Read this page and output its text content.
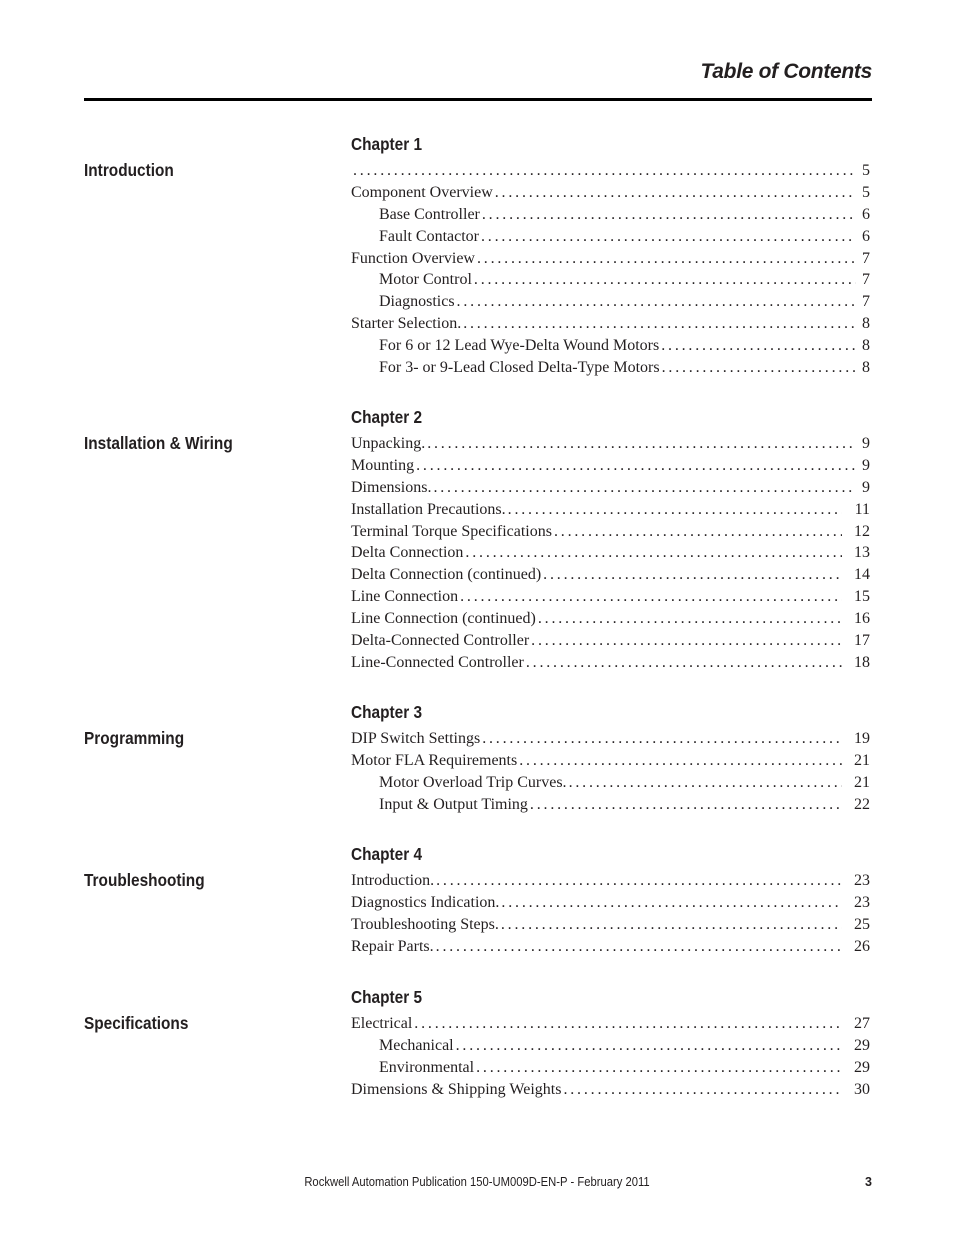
Table of Contents
Chapter 1
Introduction . . .	5
Component Overview . . .	5
Base Controller . . .	6
Fault Contactor . . .	6
Function Overview . . .	7
Motor Control . . .	7
Diagnostics . . .	7
Starter Selection. . . .	8
For 6 or 12 Lead Wye-Delta Wound Motors . . .	8
For 3- or 9-Lead Closed Delta-Type Motors . . .	8
Chapter 2
Installation & Wiring	Unpacking. . . .	9
Mounting . . .	9
Dimensions. . . .	9
Installation Precautions. . . .	11
Terminal Torque Specifications . . .	12
Delta Connection . . .	13
Delta Connection (continued) . . .	14
Line Connection . . .	15
Line Connection (continued) . . .	16
Delta-Connected Controller . . .	17
Line-Connected Controller . . .	18
Chapter 3
Programming	DIP Switch Settings . . .	19
Motor FLA Requirements . . .	21
Motor Overload Trip Curves. . . .	21
Input & Output Timing . . .	22
Chapter 4
Troubleshooting	Introduction. . . .	23
Diagnostics Indication. . . .	23
Troubleshooting Steps. . . .	25
Repair Parts. . . .	26
Chapter 5
Specifications	Electrical . . .	27
Mechanical . . .	29
Environmental . . .	29
Dimensions & Shipping Weights . . .	30
Rockwell Automation Publication 150-UM009D-EN-P - February 2011	3
